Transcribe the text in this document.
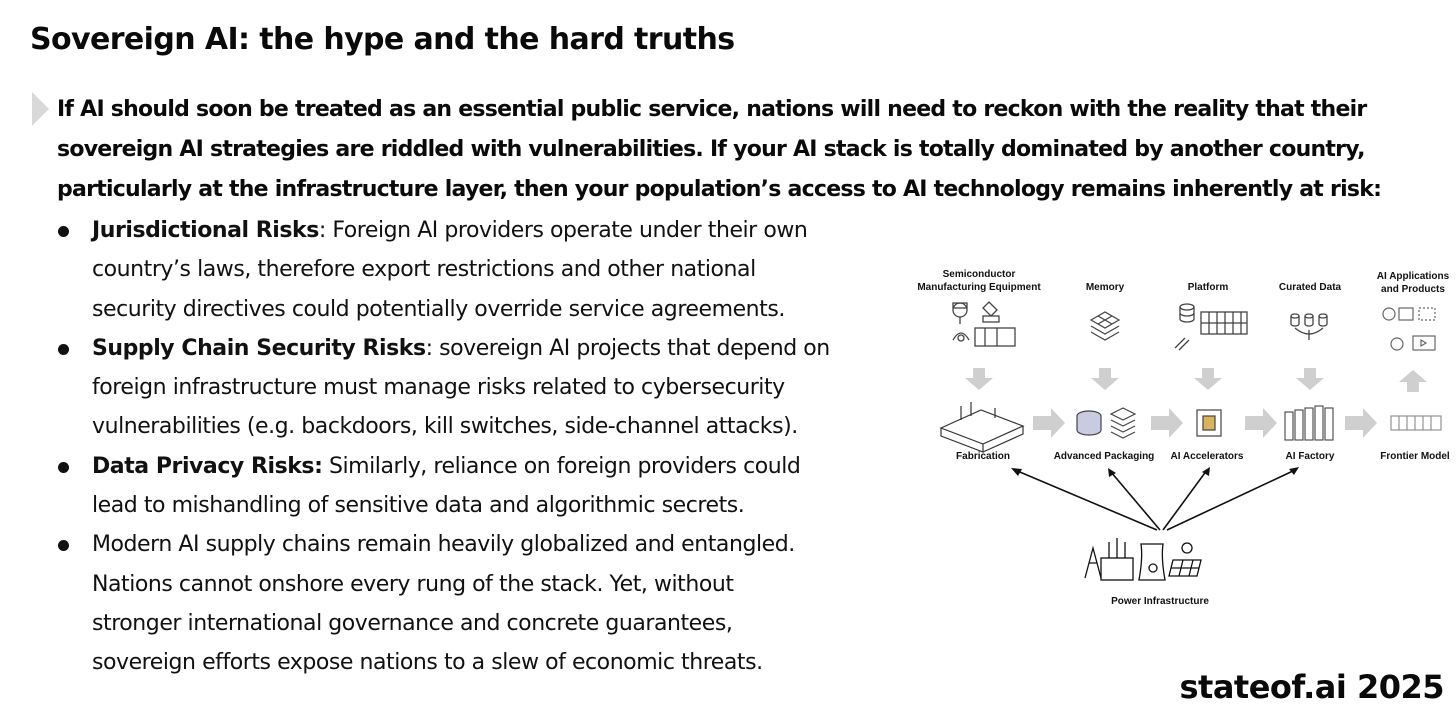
Sovereign AI: the hype and the hard truths
If AI should soon be treated as an essential public service, nations will need to reckon with the reality that their
sovereign AI strategies are riddled with vulnerabilities. If your AI stack is totally dominated by another country,
particularly at the infrastructure layer, then your population’s access to AI technology remains inherently at risk:
Jurisdictional Risks: Foreign AI providers operate under their own
country’s laws, therefore export restrictions and other national
security directives could potentially override service agreements.
Supply Chain Security Risks: sovereign AI projects that depend on
foreign infrastructure must manage risks related to cybersecurity
vulnerabilities (e.g. backdoors, kill switches, side-channel attacks).
Data Privacy Risks: Similarly, reliance on foreign providers could
lead to mishandling of sensitive data and algorithmic secrets.
Modern AI supply chains remain heavily globalized and entangled.
Nations cannot onshore every rung of the stack. Yet, without
stronger international governance and concrete guarantees,
sovereign efforts expose nations to a slew of economic threats.
Semiconductor
Manufacturing Equipment	Memory	Platform	Curated Data
AI Applications
and Products
Fabrication	Advanced Packaging AI Accelerators	AI Factory	Frontier Model
Power Infrastructure
stateof.ai 2025
